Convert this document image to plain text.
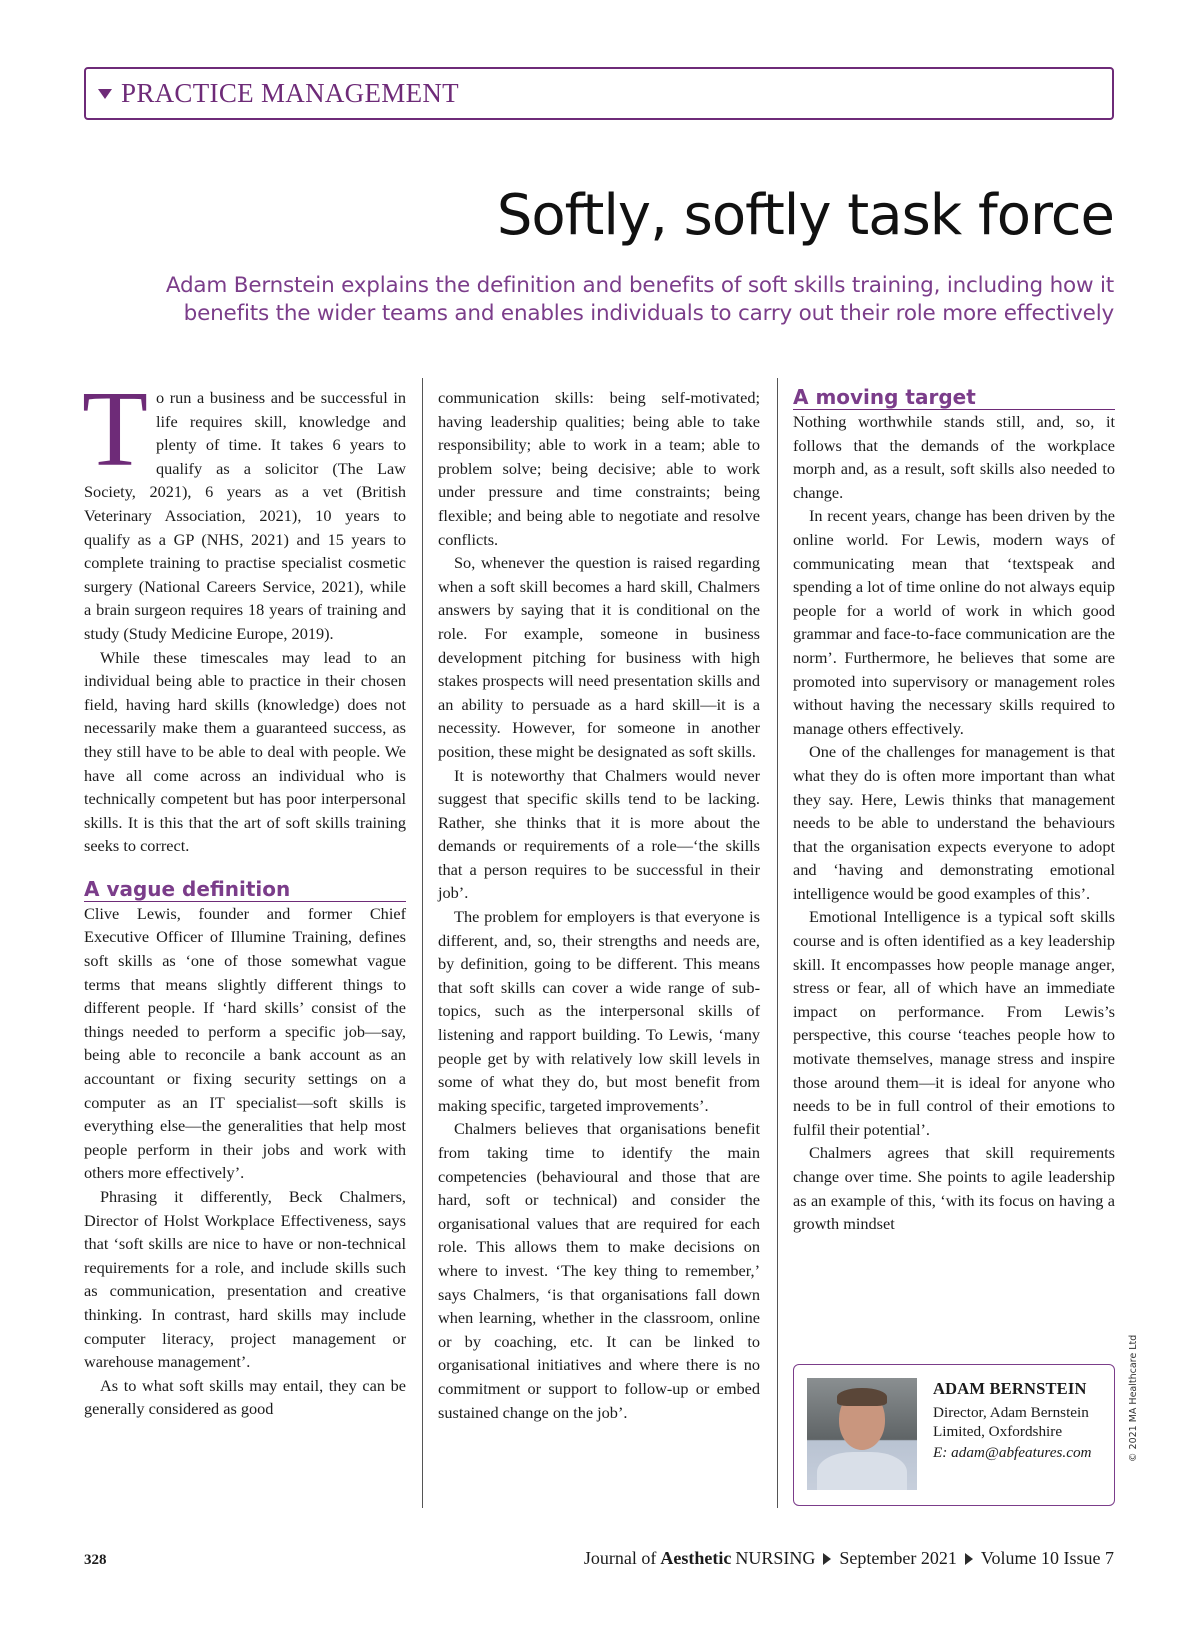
PRACTICE MANAGEMENT
Softly, softly task force

Adam Bernstein explains the definition and benefits of soft skills training, including how it benefits the wider teams and enables individuals to carry out their role more effectively

To run a business and be successful in life requires skill, knowledge and plenty of time. It takes 6 years to qualify as a solicitor (The Law Society, 2021), 6 years as a vet (British Veterinary Association, 2021), 10 years to qualify as a GP (NHS, 2021) and 15 years to complete training to practise specialist cosmetic surgery (National Careers Service, 2021), while a brain surgeon requires 18 years of training and study (Study Medicine Europe, 2019).

While these timescales may lead to an individual being able to practice in their chosen field, having hard skills (knowledge) does not necessarily make them a guaranteed success, as they still have to be able to deal with people. We have all come across an individual who is technically competent but has poor interpersonal skills. It is this that the art of soft skills training seeks to correct.

A vague definition

Clive Lewis, founder and former Chief Executive Officer of Illumine Training, defines soft skills as ‘one of those somewhat vague terms that means slightly different things to different people. If ‘hard skills’ consist of the things needed to perform a specific job—say, being able to reconcile a bank account as an accountant or fixing security settings on a computer as an IT specialist—soft skills is everything else—the generalities that help most people perform in their jobs and work with others more effectively’.

Phrasing it differently, Beck Chalmers, Director of Holst Workplace Effectiveness, says that ‘soft skills are nice to have or non-technical requirements for a role, and include skills such as communication, presentation and creative thinking. In contrast, hard skills may include computer literacy, project management or warehouse management’.

As to what soft skills may entail, they can be generally considered as good

communication skills: being self-motivated; having leadership qualities; being able to take responsibility; able to work in a team; able to problem solve; being decisive; able to work under pressure and time constraints; being flexible; and being able to negotiate and resolve conflicts.

So, whenever the question is raised regarding when a soft skill becomes a hard skill, Chalmers answers by saying that it is conditional on the role. For example, someone in business development pitching for business with high stakes prospects will need presentation skills and an ability to persuade as a hard skill—it is a necessity. However, for someone in another position, these might be designated as soft skills.

It is noteworthy that Chalmers would never suggest that specific skills tend to be lacking. Rather, she thinks that it is more about the demands or requirements of a role—‘the skills that a person requires to be successful in their job’.

The problem for employers is that everyone is different, and, so, their strengths and needs are, by definition, going to be different. This means that soft skills can cover a wide range of sub-topics, such as the interpersonal skills of listening and rapport building. To Lewis, ‘many people get by with relatively low skill levels in some of what they do, but most benefit from making specific, targeted improvements’.

Chalmers believes that organisations benefit from taking time to identify the main competencies (behavioural and those that are hard, soft or technical) and consider the organisational values that are required for each role. This allows them to make decisions on where to invest. ‘The key thing to remember,’ says Chalmers, ‘is that organisations fall down when learning, whether in the classroom, online or by coaching, etc. It can be linked to organisational initiatives and where there is no commitment or support to follow-up or embed sustained change on the job’.

A moving target

Nothing worthwhile stands still, and, so, it follows that the demands of the workplace morph and, as a result, soft skills also needed to change.

In recent years, change has been driven by the online world. For Lewis, modern ways of communicating mean that ‘textspeak and spending a lot of time online do not always equip people for a world of work in which good grammar and face-to-face communication are the norm’. Furthermore, he believes that some are promoted into supervisory or management roles without having the necessary skills required to manage others effectively.

One of the challenges for management is that what they do is often more important than what they say. Here, Lewis thinks that management needs to be able to understand the behaviours that the organisation expects everyone to adopt and ‘having and demonstrating emotional intelligence would be good examples of this’.

Emotional Intelligence is a typical soft skills course and is often identified as a key leadership skill. It encompasses how people manage anger, stress or fear, all of which have an immediate impact on performance. From Lewis’s perspective, this course ‘teaches people how to motivate themselves, manage stress and inspire those around them—it is ideal for anyone who needs to be in full control of their emotions to fulfil their potential’.

Chalmers agrees that skill requirements change over time. She points to agile leadership as an example of this, ‘with its focus on having a growth mindset

ADAM BERNSTEIN
Director, Adam Bernstein
Limited, Oxfordshire
E: adam@abfeatures.com	© 2021 MA Healthcare Ltd
328	Journal of Aesthetic NURSING September 2021 Volume 10 Issue 7
